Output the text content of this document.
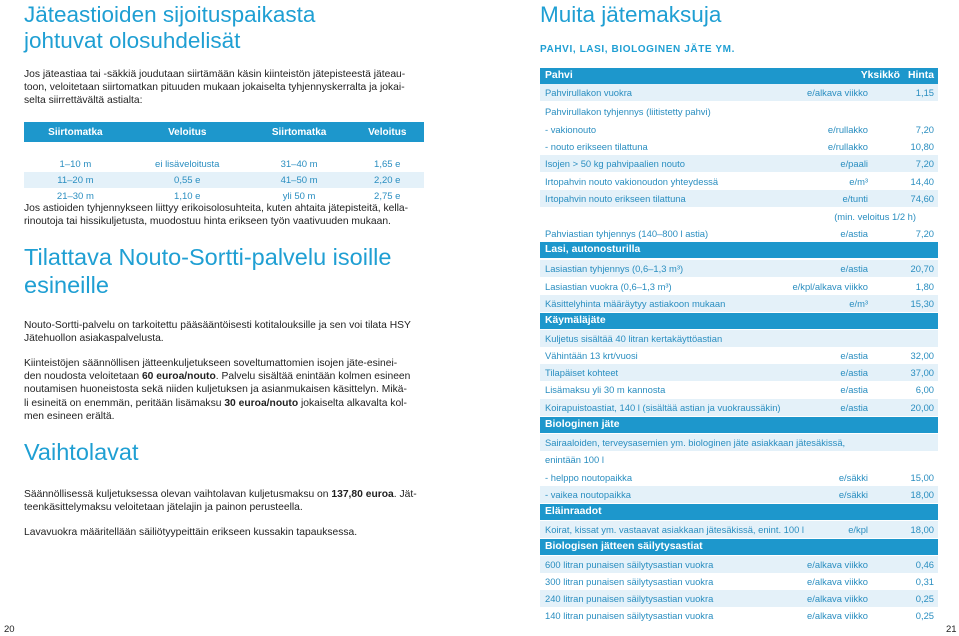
Jäteastioiden sijoituspaikasta
johtuvat olosuhdelisät
Jos jäteastiaa tai -säkkiä joudutaan siirtämään käsin kiinteistön jätepisteestä jäteau-
toon, veloitetaan siirtomatkan pituuden mukaan jokaiselta tyhjennyskerralta ja jokai-
selta siirrettävältä astialta:
Siirtomatka	Veloitus	Siirtomatka	Veloitus

1–10 m	ei lisäveloitusta	31–40 m	1,65 e
11–20 m	0,55 e	41–50 m	2,20 e
21–30 m	1,10 e	yli 50 m	2,75 e
Jos astioiden tyhjennykseen liittyy erikoisolosuhteita, kuten ahtaita jätepisteitä, kella-
rinoutoja tai hissikuljetusta, muodostuu hinta erikseen työn vaativuuden mukaan.
Tilattava Nouto-Sortti-palvelu isoille
esineille
Nouto-Sortti-palvelu on tarkoitettu pääsääntöisesti kotitalouksille ja sen voi tilata HSY
Jätehuollon asiakaspalvelusta.
Kiinteistöjen säännöllisen jätteenkuljetukseen soveltumattomien isojen jäte-esinei-
den noudosta veloitetaan 60 euroa/nouto. Palvelu sisältää enintään kolmen esineen
noutamisen huoneistosta sekä niiden kuljetuksen ja asianmukaisen käsittelyn. Mikä-
li esineitä on enemmän, peritään lisämaksu 30 euroa/nouto jokaiselta alkavalta kol-
men esineen erältä.
Vaihtolavat
Säännöllisessä kuljetuksessa olevan vaihtolavan kuljetusmaksu on 137,80 euroa. Jät-
teenkäsittelymaksu veloitetaan jätelajin ja painon perusteella.
Lavavuokra määritellään säiliötyypeittäin erikseen kussakin tapauksessa.
20
Muita jätemaksuja
PAHVI, LASI, BIOLOGINEN JÄTE YM.
Pahvi	Yksikkö Hinta
Pahvirullakon vuokra	e/alkava viikko	1,15
Pahvirullakon tyhjennys (liitistetty pahvi)
- vakionouto	e/rullakko	7,20
- nouto erikseen tilattuna	e/rullakko	10,80
Isojen > 50 kg pahvipaalien nouto	e/paali	7,20
Irtopahvin nouto vakionoudon yhteydessä	e/m³	14,40
Irtopahvin nouto erikseen tilattuna	e/tunti	74,60
(min. veloitus 1/2 h)
Pahviastian tyhjennys (140–800 l astia)	e/astia	7,20
Lasi, autonosturilla
Lasiastian tyhjennys (0,6–1,3 m³)	e/astia	20,70
Lasiastian vuokra (0,6–1,3 m³)	e/kpl/alkava viikko	1,80
Käsittelyhinta määräytyy astiakoon mukaan	e/m³	15,30
Käymäläjäte
Kuljetus sisältää 40 litran kertakäyttöastian
Vähintään 13 krt/vuosi	e/astia	32,00
Tilapäiset kohteet	e/astia	37,00
Lisämaksu yli 30 m kannosta	e/astia	6,00
Koirapuistoastiat, 140 l (sisältää astian ja vuokraussäkin)	e/astia	20,00
Biologinen jäte
Sairaaloiden, terveysasemien ym. biologinen jäte asiakkaan jätesäkissä,
enintään 100 l
- helppo noutopaikka	e/säkki	15,00
- vaikea noutopaikka	e/säkki	18,00
Eläinraadot
Koirat, kissat ym. vastaavat asiakkaan jätesäkissä, enint. 100 l	e/kpl	18,00
Biologisen jätteen säilytysastiat
600 litran punaisen säilytysastian vuokra	e/alkava viikko	0,46
300 litran punaisen säilytysastian vuokra	e/alkava viikko	0,31
240 litran punaisen säilytysastian vuokra	e/alkava viikko	0,25
140 litran punaisen säilytysastian vuokra	e/alkava viikko	0,25
21
